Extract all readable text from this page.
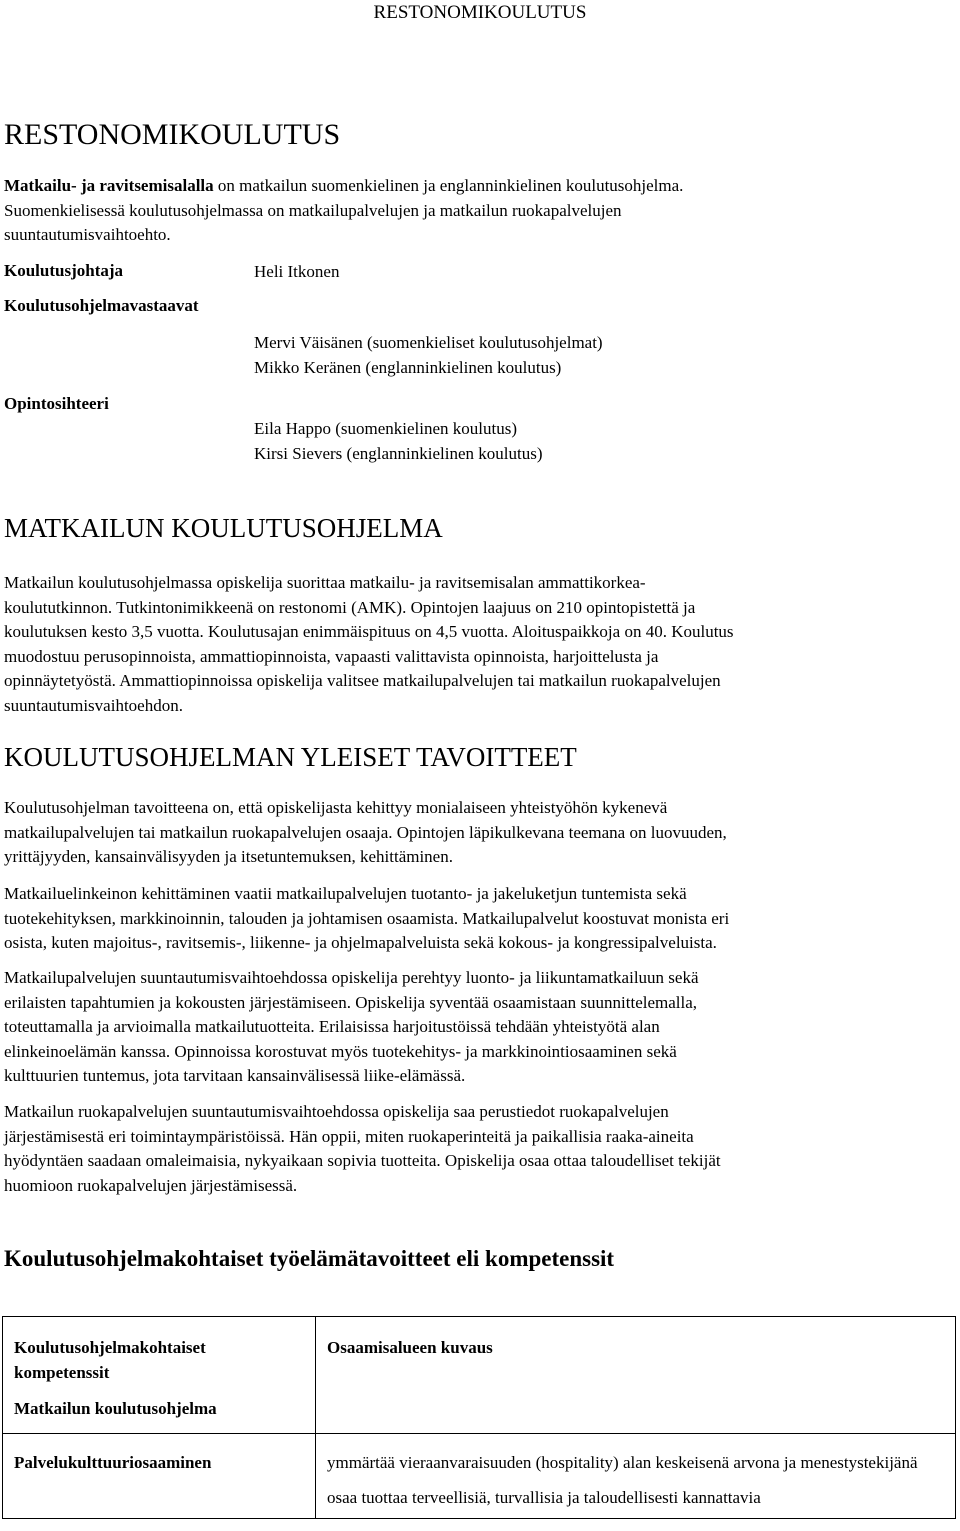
RESTONOMIKOULUTUS
RESTONOMIKOULUTUS

Matkailu- ja ravitsemisalalla on matkailun suomenkielinen ja englanninkielinen koulutusohjelma.

Suomenkielisessä koulutusohjelmassa on matkailupalvelujen ja matkailun ruokapalvelujen

suuntautumisvaihtoehto.

Koulutusjohtaja	Heli Itkonen
Koulutusohjelmavastaavat
Mervi Väisänen (suomenkieliset koulutusohjelmat)
Mikko Keränen (englanninkielinen koulutus)
Opintosihteeri
Eila Happo (suomenkielinen koulutus)
Kirsi Sievers (englanninkielinen koulutus)
MATKAILUN KOULUTUSOHJELMA

Matkailun koulutusohjelmassa opiskelija suorittaa matkailu- ja ravitsemisalan ammattikorkea-

koulututkinnon. Tutkintonimikkeenä on restonomi (AMK). Opintojen laajuus on 210 opintopistettä ja

koulutuksen kesto 3,5 vuotta. Koulutusajan enimmäispituus on 4,5 vuotta. Aloituspaikkoja on 40. Koulutus

muodostuu perusopinnoista, ammattiopinnoista, vapaasti valittavista opinnoista, harjoittelusta ja

opinnäytetyöstä. Ammattiopinnoissa opiskelija valitsee matkailupalvelujen tai matkailun ruokapalvelujen

suuntautumisvaihtoehdon.

KOULUTUSOHJELMAN YLEISET TAVOITTEET

Koulutusohjelman tavoitteena on, että opiskelijasta kehittyy monialaiseen yhteistyöhön kykenevä

matkailupalvelujen tai matkailun ruokapalvelujen osaaja. Opintojen läpikulkevana teemana on luovuuden,

yrittäjyyden, kansainvälisyyden ja itsetuntemuksen, kehittäminen.

Matkailuelinkeinon kehittäminen vaatii matkailupalvelujen tuotanto- ja jakeluketjun tuntemista sekä

tuotekehityksen, markkinoinnin, talouden ja johtamisen osaamista. Matkailupalvelut koostuvat monista eri

osista, kuten majoitus-, ravitsemis-, liikenne- ja ohjelmapalveluista sekä kokous- ja kongressipalveluista.

Matkailupalvelujen suuntautumisvaihtoehdossa opiskelija perehtyy luonto- ja liikuntamatkailuun sekä

erilaisten tapahtumien ja kokousten järjestämiseen. Opiskelija syventää osaamistaan suunnittelemalla,

toteuttamalla ja arvioimalla matkailutuotteita. Erilaisissa harjoitustöissä tehdään yhteistyötä alan

elinkeinoelämän kanssa. Opinnoissa korostuvat myös tuotekehitys- ja markkinointiosaaminen sekä

kulttuurien tuntemus, jota tarvitaan kansainvälisessä liike-elämässä.

Matkailun ruokapalvelujen suuntautumisvaihtoehdossa opiskelija saa perustiedot ruokapalvelujen

järjestämisestä eri toimintaympäristöissä. Hän oppii, miten ruokaperinteitä ja paikallisia raaka-aineita

hyödyntäen saadaan omaleimaisia, nykyaikaan sopivia tuotteita. Opiskelija osaa ottaa taloudelliset tekijät

huomioon ruokapalvelujen järjestämisessä.

Koulutusohjelmakohtaiset työelämätavoitteet eli kompetenssit
Koulutusohjelmakohtaiset
kompetenssit
Matkailun koulutusohjelma	Osaamisalueen kuvaus

Palvelukulttuuriosaaminen	ymmärtää vieraanvaraisuuden (hospitality) alan keskeisenä arvona ja menestystekijänä
osaa tuottaa terveellisiä, turvallisia ja taloudellisesti kannattavia
